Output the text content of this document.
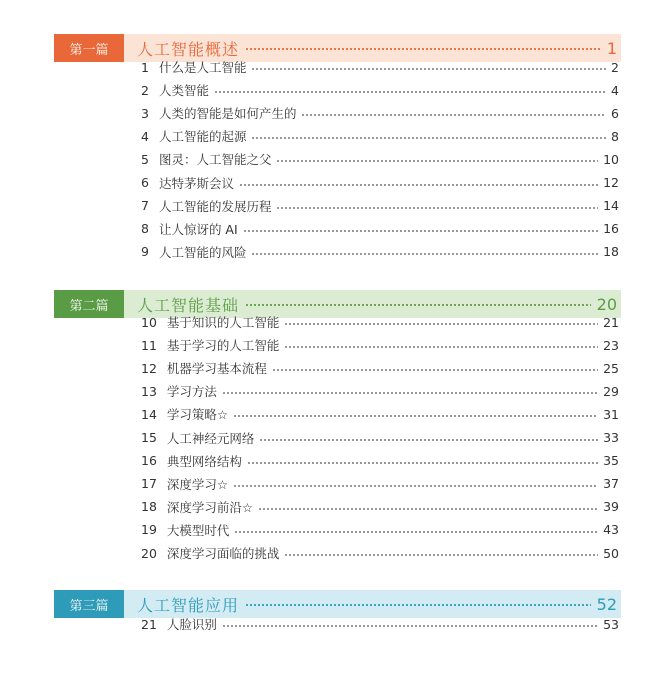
第一篇	人工智能概述	1
1 什么是人工智能	2
2 人类智能	4
3 人类的智能是如何产生的	6
4 人工智能的起源	8
5 图灵：人工智能之父	10
6 达特茅斯会议	12
7 人工智能的发展历程	14
8 让人惊讶的 AI	16
9 人工智能的风险	18
第二篇	人工智能基础	20
10 基于知识的人工智能	21
11 基于学习的人工智能	23
12 机器学习基本流程	25
13 学习方法	29
14 学习策略☆	31
15 人工神经元网络	33
16 典型网络结构	35
17 深度学习☆	37
18 深度学习前沿☆	39
19 大模型时代	43
20 深度学习面临的挑战	50
第三篇	人工智能应用	52
21 人脸识别	53
